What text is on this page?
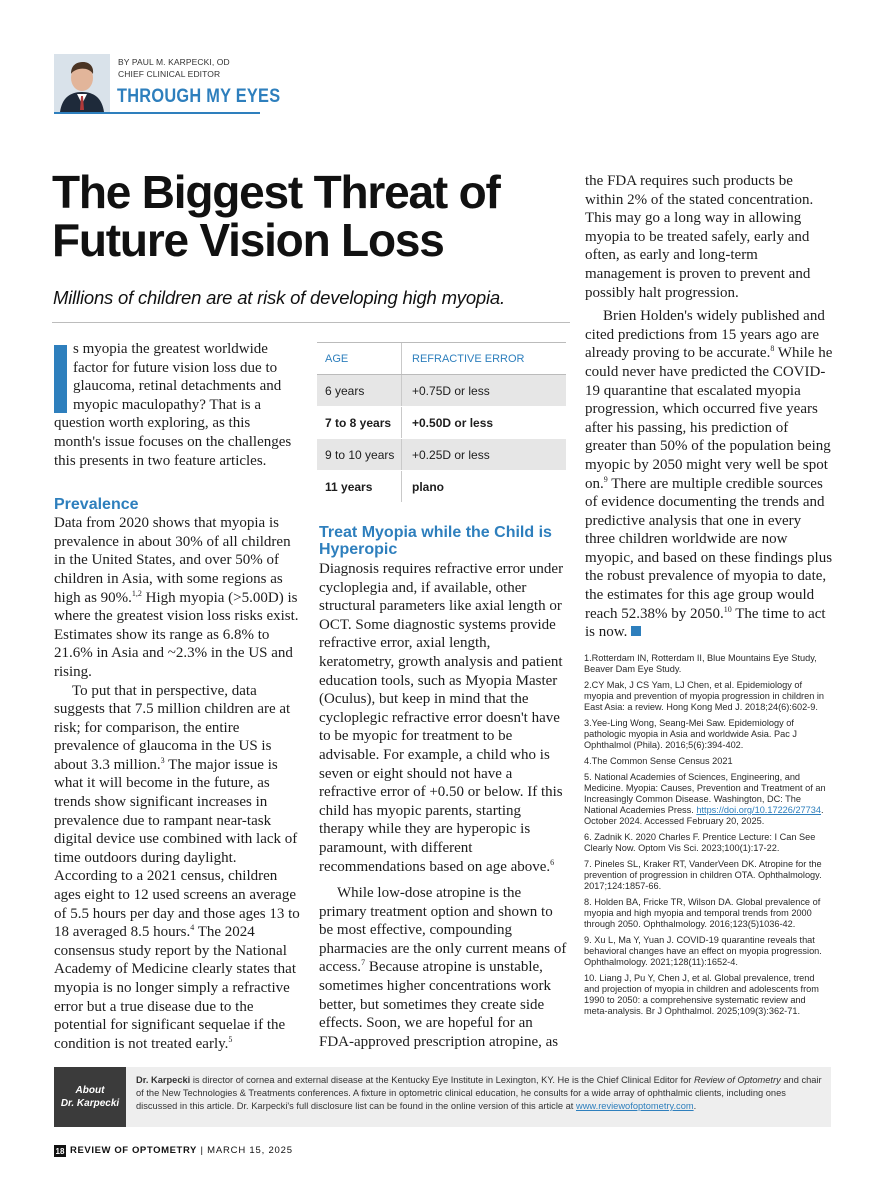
BY PAUL M. KARPECKI, OD
CHIEF CLINICAL EDITOR
THROUGH MY EYES
The Biggest Threat of Future Vision Loss
Millions of children are at risk of developing high myopia.

s myopia the greatest worldwide factor for future vision loss due to glaucoma, retinal detachments and myopic maculopathy? That is a question worth exploring, as this month's issue focuses on the challenges this presents in two feature articles.

Prevalence

Data from 2020 shows that myopia is prevalence in about 30% of all children in the United States, and over 50% of children in Asia, with some regions as high as 90%.$^{1,2}$ High myopia (>5.00D) is where the greatest vision loss risks exist. Estimates show its range as 6.8% to 21.6% in Asia and ~2.3% in the US and rising.

To put that in perspective, data suggests that 7.5 million children are at risk; for comparison, the entire prevalence of glaucoma in the US is about 3.3 million.$^3$ The major issue is what it will become in the future, as trends show significant increases in prevalence due to rampant near-task digital device use combined with lack of time outdoors during daylight. According to a 2021 census, children ages eight to 12 used screens an average of 5.5 hours per day and those ages 13 to 18 averaged 8.5 hours.$^4$ The 2024 consensus study report by the National Academy of Medicine clearly states that myopia is no longer simply a refractive error but a true disease due to the potential for significant sequelae if the condition is not treated early.$^5$

AGE	REFRACTIVE ERROR
6 years	+0.75D or less
7 to 8 years	+0.50D or less
9 to 10 years	+0.25D or less
11 years	plano
Treat Myopia while the Child is Hyperopic

Diagnosis requires refractive error under cycloplegia and, if available, other structural parameters like axial length or OCT. Some diagnostic systems provide refractive error, axial length, keratometry, growth analysis and patient education tools, such as Myopia Master (Oculus), but keep in mind that the cycloplegic refractive error doesn't have to be myopic for treatment to be advisable. For example, a child who is seven or eight should not have a refractive error of +0.50 or below. If this child has myopic parents, starting therapy while they are hyperopic is paramount, with different recommendations based on age above.$^6$

While low-dose atropine is the primary treatment option and shown to be most effective, compounding pharmacies are the only current means of access.$^7$ Because atropine is unstable, sometimes higher concentrations work better, but sometimes they create side effects. Soon, we are hopeful for an FDA-approved prescription atropine, as

the FDA requires such products be within 2% of the stated concentration. This may go a long way in allowing myopia to be treated safely, early and often, as early and long-term management is proven to prevent and possibly halt progression.

Brien Holden's widely published and cited predictions from 15 years ago are already proving to be accurate.$^8$ While he could never have predicted the COVID-19 quarantine that escalated myopia progression, which occurred five years after his passing, his prediction of greater than 50% of the population being myopic by 2050 might very well be spot on.$^9$ There are multiple credible sources of evidence documenting the trends and predictive analysis that one in every three children worldwide are now myopic, and based on these findings plus the robust prevalence of myopia to date, the estimates for this age group would reach 52.38% by 2050.10 The time to act is now.

1.Rotterdam IN, Rotterdam II, Blue Mountains Eye Study, Beaver Dam Eye Study.
2.CY Mak, J CS Yam, LJ Chen, et al. Epidemiology of myopia and prevention of myopia progression in children in East Asia: a review. Hong Kong Med J. 2018;24(6):602-9.
3.Yee-Ling Wong, Seang-Mei Saw. Epidemiology of pathologic myopia in Asia and worldwide Asia. Pac J Ophthalmol (Phila). 2016;5(6):394-402.
4.The Common Sense Census 2021
5. National Academies of Sciences, Engineering, and Medicine. Myopia: Causes, Prevention and Treatment of an Increasingly Common Disease. Washington, DC: The National Academies Press. https://doi.org/10.17226/27734. October 2024. Accessed February 20, 2025.
6. Zadnik K. 2020 Charles F. Prentice Lecture: I Can See Clearly Now. Optom Vis Sci. 2023;100(1):17-22.
7. Pineles SL, Kraker RT, VanderVeen DK. Atropine for the prevention of progression in children OTA. Ophthalmology. 2017;124:1857-66.
8. Holden BA, Fricke TR, Wilson DA. Global prevalence of myopia and high myopia and temporal trends from 2000 through 2050. Ophthalmology. 2016;123(5)1036-42.
9. Xu L, Ma Y, Yuan J. COVID-19 quarantine reveals that behavioral changes have an effect on myopia progression. Ophthalmology. 2021;128(11):1652-4.
10. Liang J, Pu Y, Chen J, et al. Global prevalence, trend and projection of myopia in children and adolescents from 1990 to 2050: a comprehensive systematic review and meta-analysis. Br J Ophthalmol. 2025;109(3):362-71.
About
Dr. Karpecki
Dr. Karpecki is director of cornea and external disease at the Kentucky Eye Institute in Lexington, KY. He is the Chief Clinical Editor for Review of Optometry and chair of the New Technologies & Treatments conferences. A fixture in optometric clinical education, he consults for a wide array of ophthalmic clients, including ones discussed in this article. Dr. Karpecki's full disclosure list can be found in the online version of this article at www.reviewofoptometry.com.
18 REVIEW OF OPTOMETRY | MARCH 15, 2025
